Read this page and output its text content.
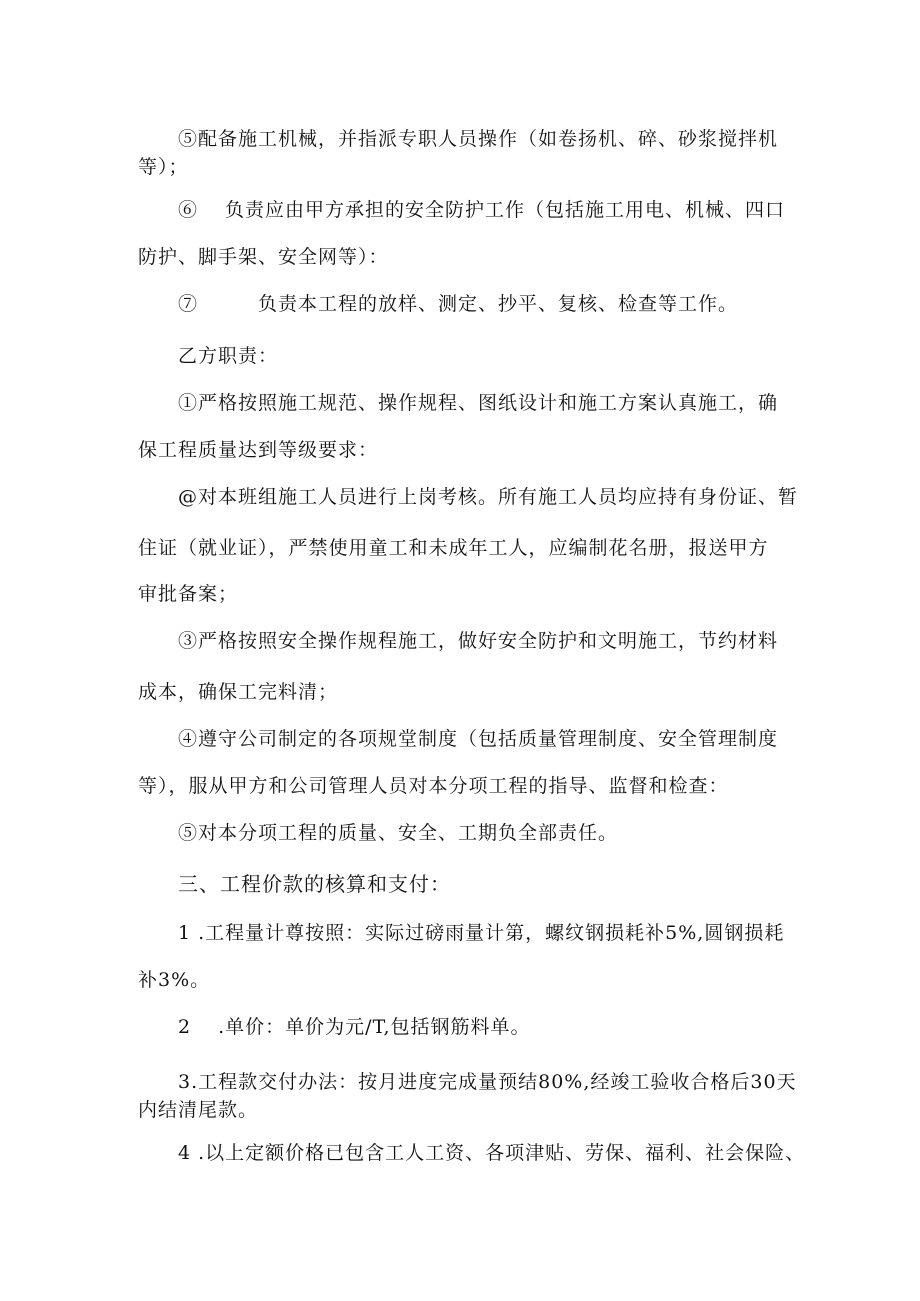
⑤配备施工机械，并指派专职人员操作（如卷扬机、碎、砂浆搅拌机
等）；
⑥　 负责应由甲方承担的安全防护工作（包括施工用电、机械、四口
防护、脚手架、安全网等）：
⑦　　　负责本工程的放样、测定、抄平、复核、检查等工作。
乙方职责：
①严格按照施工规范、操作规程、图纸设计和施工方案认真施工，确
保工程质量达到等级要求：
@对本班组施工人员进行上岗考核。所有施工人员均应持有身份证、暂
住证（就业证），严禁使用童工和未成年工人，应编制花名册，报送甲方
审批备案；
③严格按照安全操作规程施工，做好安全防护和文明施工，节约材料
成本，确保工完料清；
④遵守公司制定的各项规堂制度（包括质量管理制度、安全管理制度
等），服从甲方和公司管理人员对本分项工程的指导、监督和检查：
⑤对本分项工程的质量、安全、工期负全部责任。
三、工程价款的核算和支付：
1 .工程量计尊按照：实际过磅雨量计第，螺纹钢损耗补5%,圆钢损耗
补3%。
2　 .单价：单价为元/T,包括钢筋料单。
3.工程款交付办法：按月进度完成量预结80%,经竣工验收合格后30天
内结清尾款。
4 .以上定额价格已包含工人工资、各项津贴、劳保、福利、社会保险、
